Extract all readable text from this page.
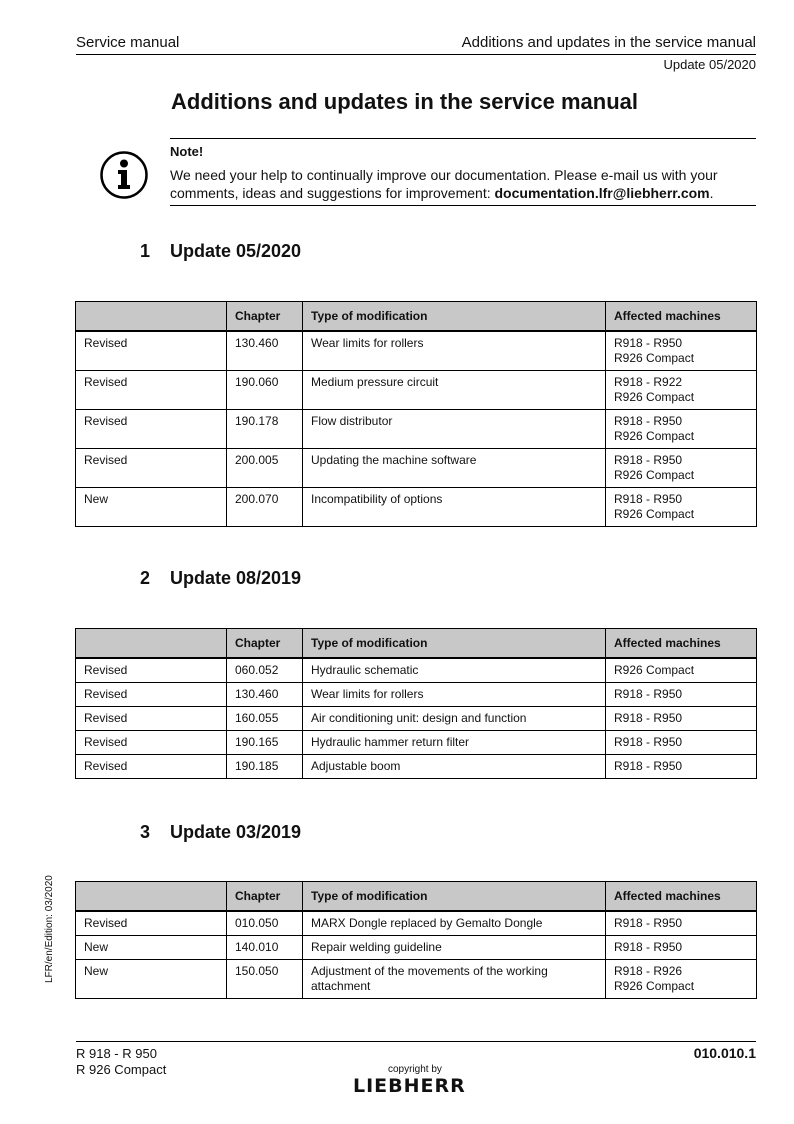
Service manual	Additions and updates in the service manual
Update 05/2020
Additions and updates in the service manual
Note!
We need your help to continually improve our documentation. Please e-mail us with your comments, ideas and suggestions for improvement: documentation.lfr@liebherr.com.
1 Update 05/2020
	Chapter	Type of modification	Affected machines
Revised	130.460	Wear limits for rollers	R918 - R950
R926 Compact
Revised	190.060	Medium pressure circuit	R918 - R922
R926 Compact
Revised	190.178	Flow distributor	R918 - R950
R926 Compact
Revised	200.005	Updating the machine software	R918 - R950
R926 Compact
New	200.070	Incompatibility of options	R918 - R950
R926 Compact
2 Update 08/2019
	Chapter	Type of modification	Affected machines
Revised	060.052	Hydraulic schematic	R926 Compact
Revised	130.460	Wear limits for rollers	R918 - R950
Revised	160.055	Air conditioning unit: design and function	R918 - R950
Revised	190.165	Hydraulic hammer return filter	R918 - R950
Revised	190.185	Adjustable boom	R918 - R950
3 Update 03/2019
	Chapter	Type of modification	Affected machines
Revised	010.050	MARX Dongle replaced by Gemalto Dongle	R918 - R950
New	140.010	Repair welding guideline	R918 - R950
New	150.050	Adjustment of the movements of the working
attachment	R918 - R926
R926 Compact
LFR/en/Edition: 03/2020
R 918 - R 950
R 926 Compact
010.010.1
copyright by
LIEBHERR
